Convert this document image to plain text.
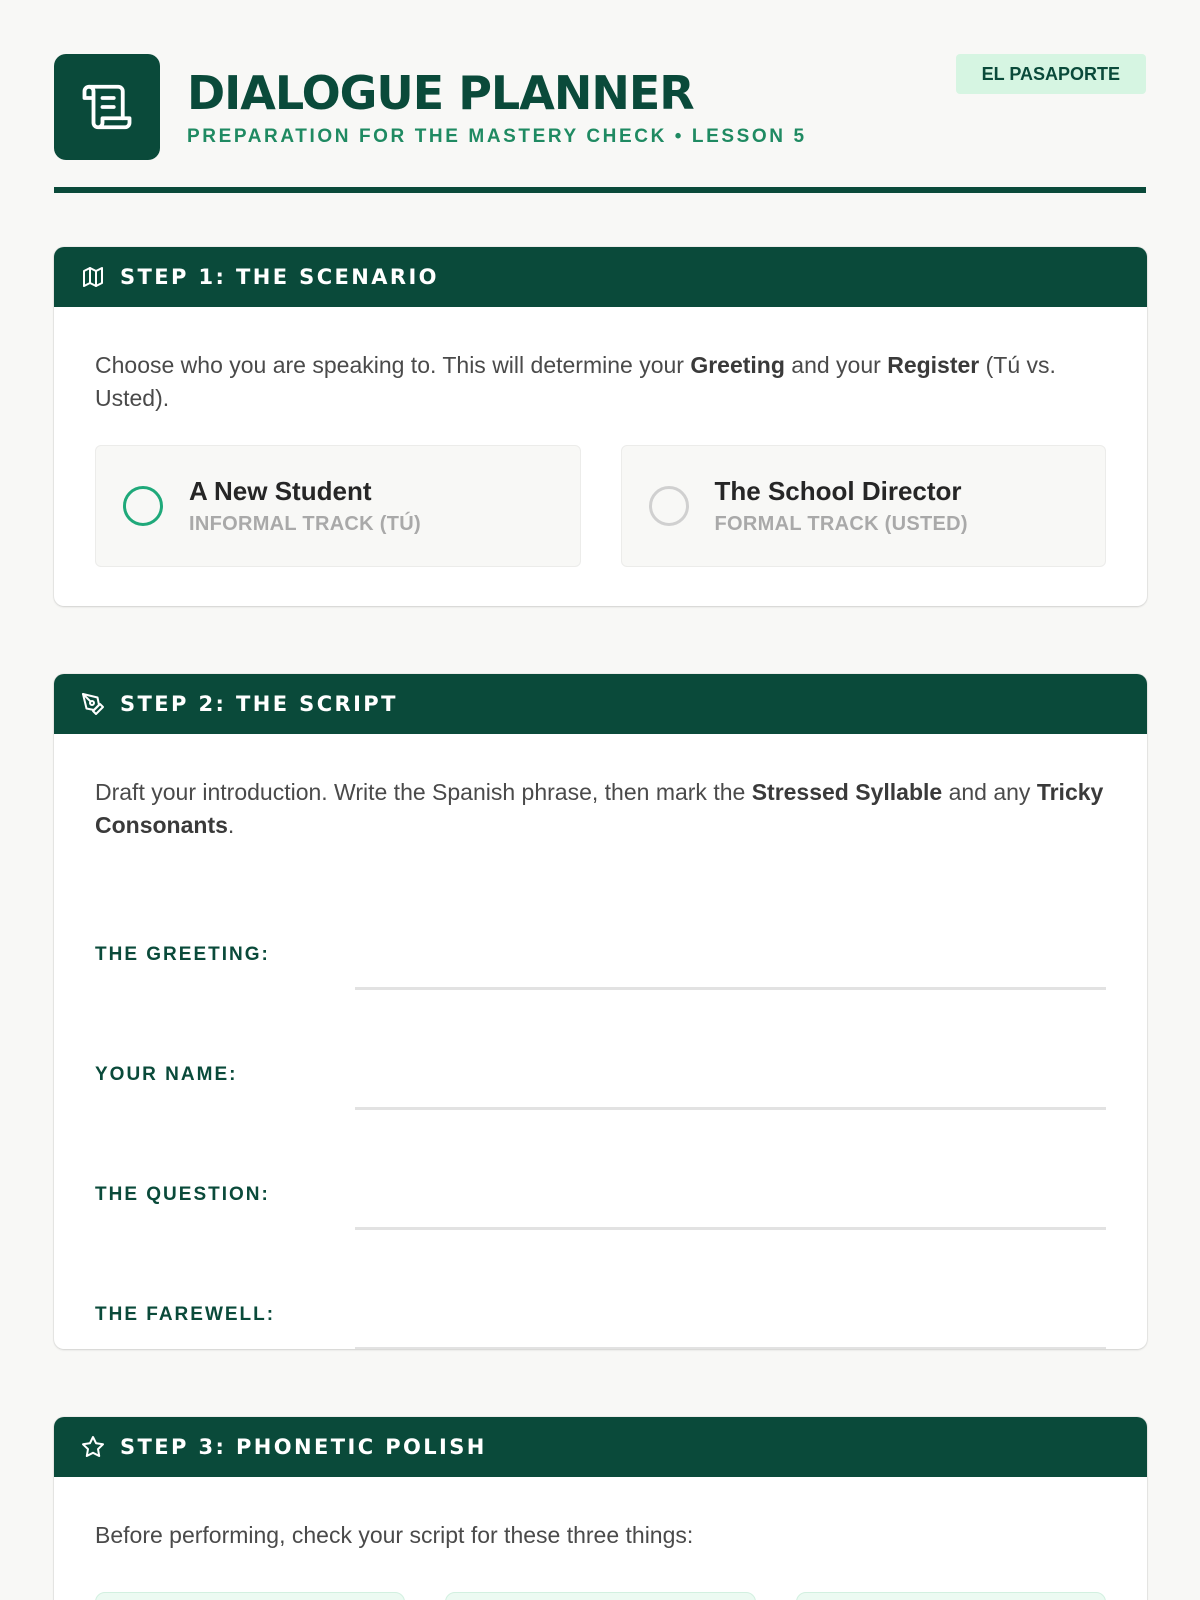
DIALOGUE PLANNER
PREPARATION FOR THE MASTERY CHECK • LESSON 5
EL PASAPORTE
STEP 1: THE SCENARIO

Choose who you are speaking to. This will determine your Greeting and your Register (Tú vs. Usted).

A New Student
INFORMAL TRACK (TÚ)
The School Director
FORMAL TRACK (USTED)
STEP 2: THE SCRIPT

Draft your introduction. Write the Spanish phrase, then mark the Stressed Syllable and any Tricky Consonants.

THE GREETING:
YOUR NAME:
THE QUESTION:
THE FAREWELL:
STEP 3: PHONETIC POLISH

Before performing, check your script for these three things:
